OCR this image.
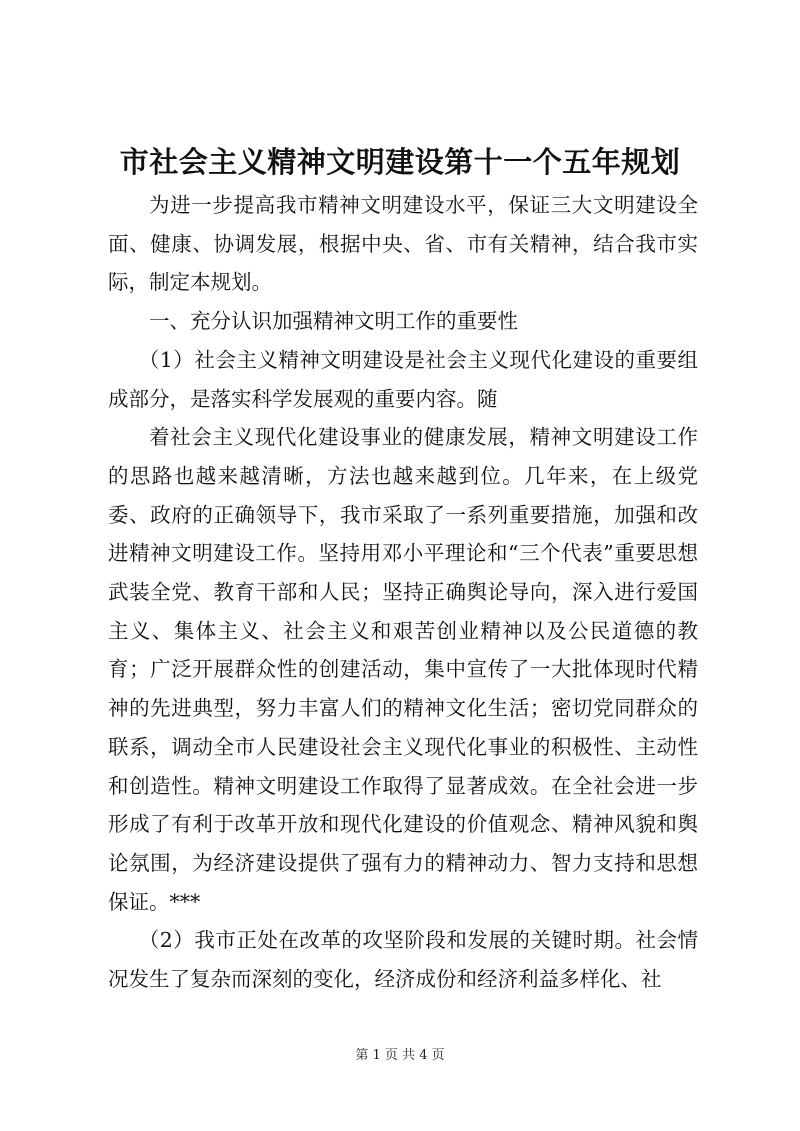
市社会主义精神文明建设第十一个五年规划

为进一步提高我市精神文明建设水平，保证三大文明建设全面、健康、协调发展，根据中央、省、市有关精神，结合我市实际，制定本规划。

一、充分认识加强精神文明工作的重要性

（1）社会主义精神文明建设是社会主义现代化建设的重要组成部分，是落实科学发展观的重要内容。随

着社会主义现代化建设事业的健康发展，精神文明建设工作的思路也越来越清晰，方法也越来越到位。几年来，在上级党委、政府的正确领导下，我市采取了一系列重要措施，加强和改进精神文明建设工作。坚持用邓小平理论和“三个代表”重要思想武装全党、教育干部和人民；坚持正确舆论导向，深入进行爱国主义、集体主义、社会主义和艰苦创业精神以及公民道德的教育；广泛开展群众性的创建活动，集中宣传了一大批体现时代精神的先进典型，努力丰富人们的精神文化生活；密切党同群众的联系，调动全市人民建设社会主义现代化事业的积极性、主动性和创造性。精神文明建设工作取得了显著成效。在全社会进一步形成了有利于改革开放和现代化建设的价值观念、精神风貌和舆论氛围，为经济建设提供了强有力的精神动力、智力支持和思想保证。***

（2）我市正处在改革的攻坚阶段和发展的关键时期。社会情况发生了复杂而深刻的变化，经济成份和经济利益多样化、社

第 1 页 共 4 页
